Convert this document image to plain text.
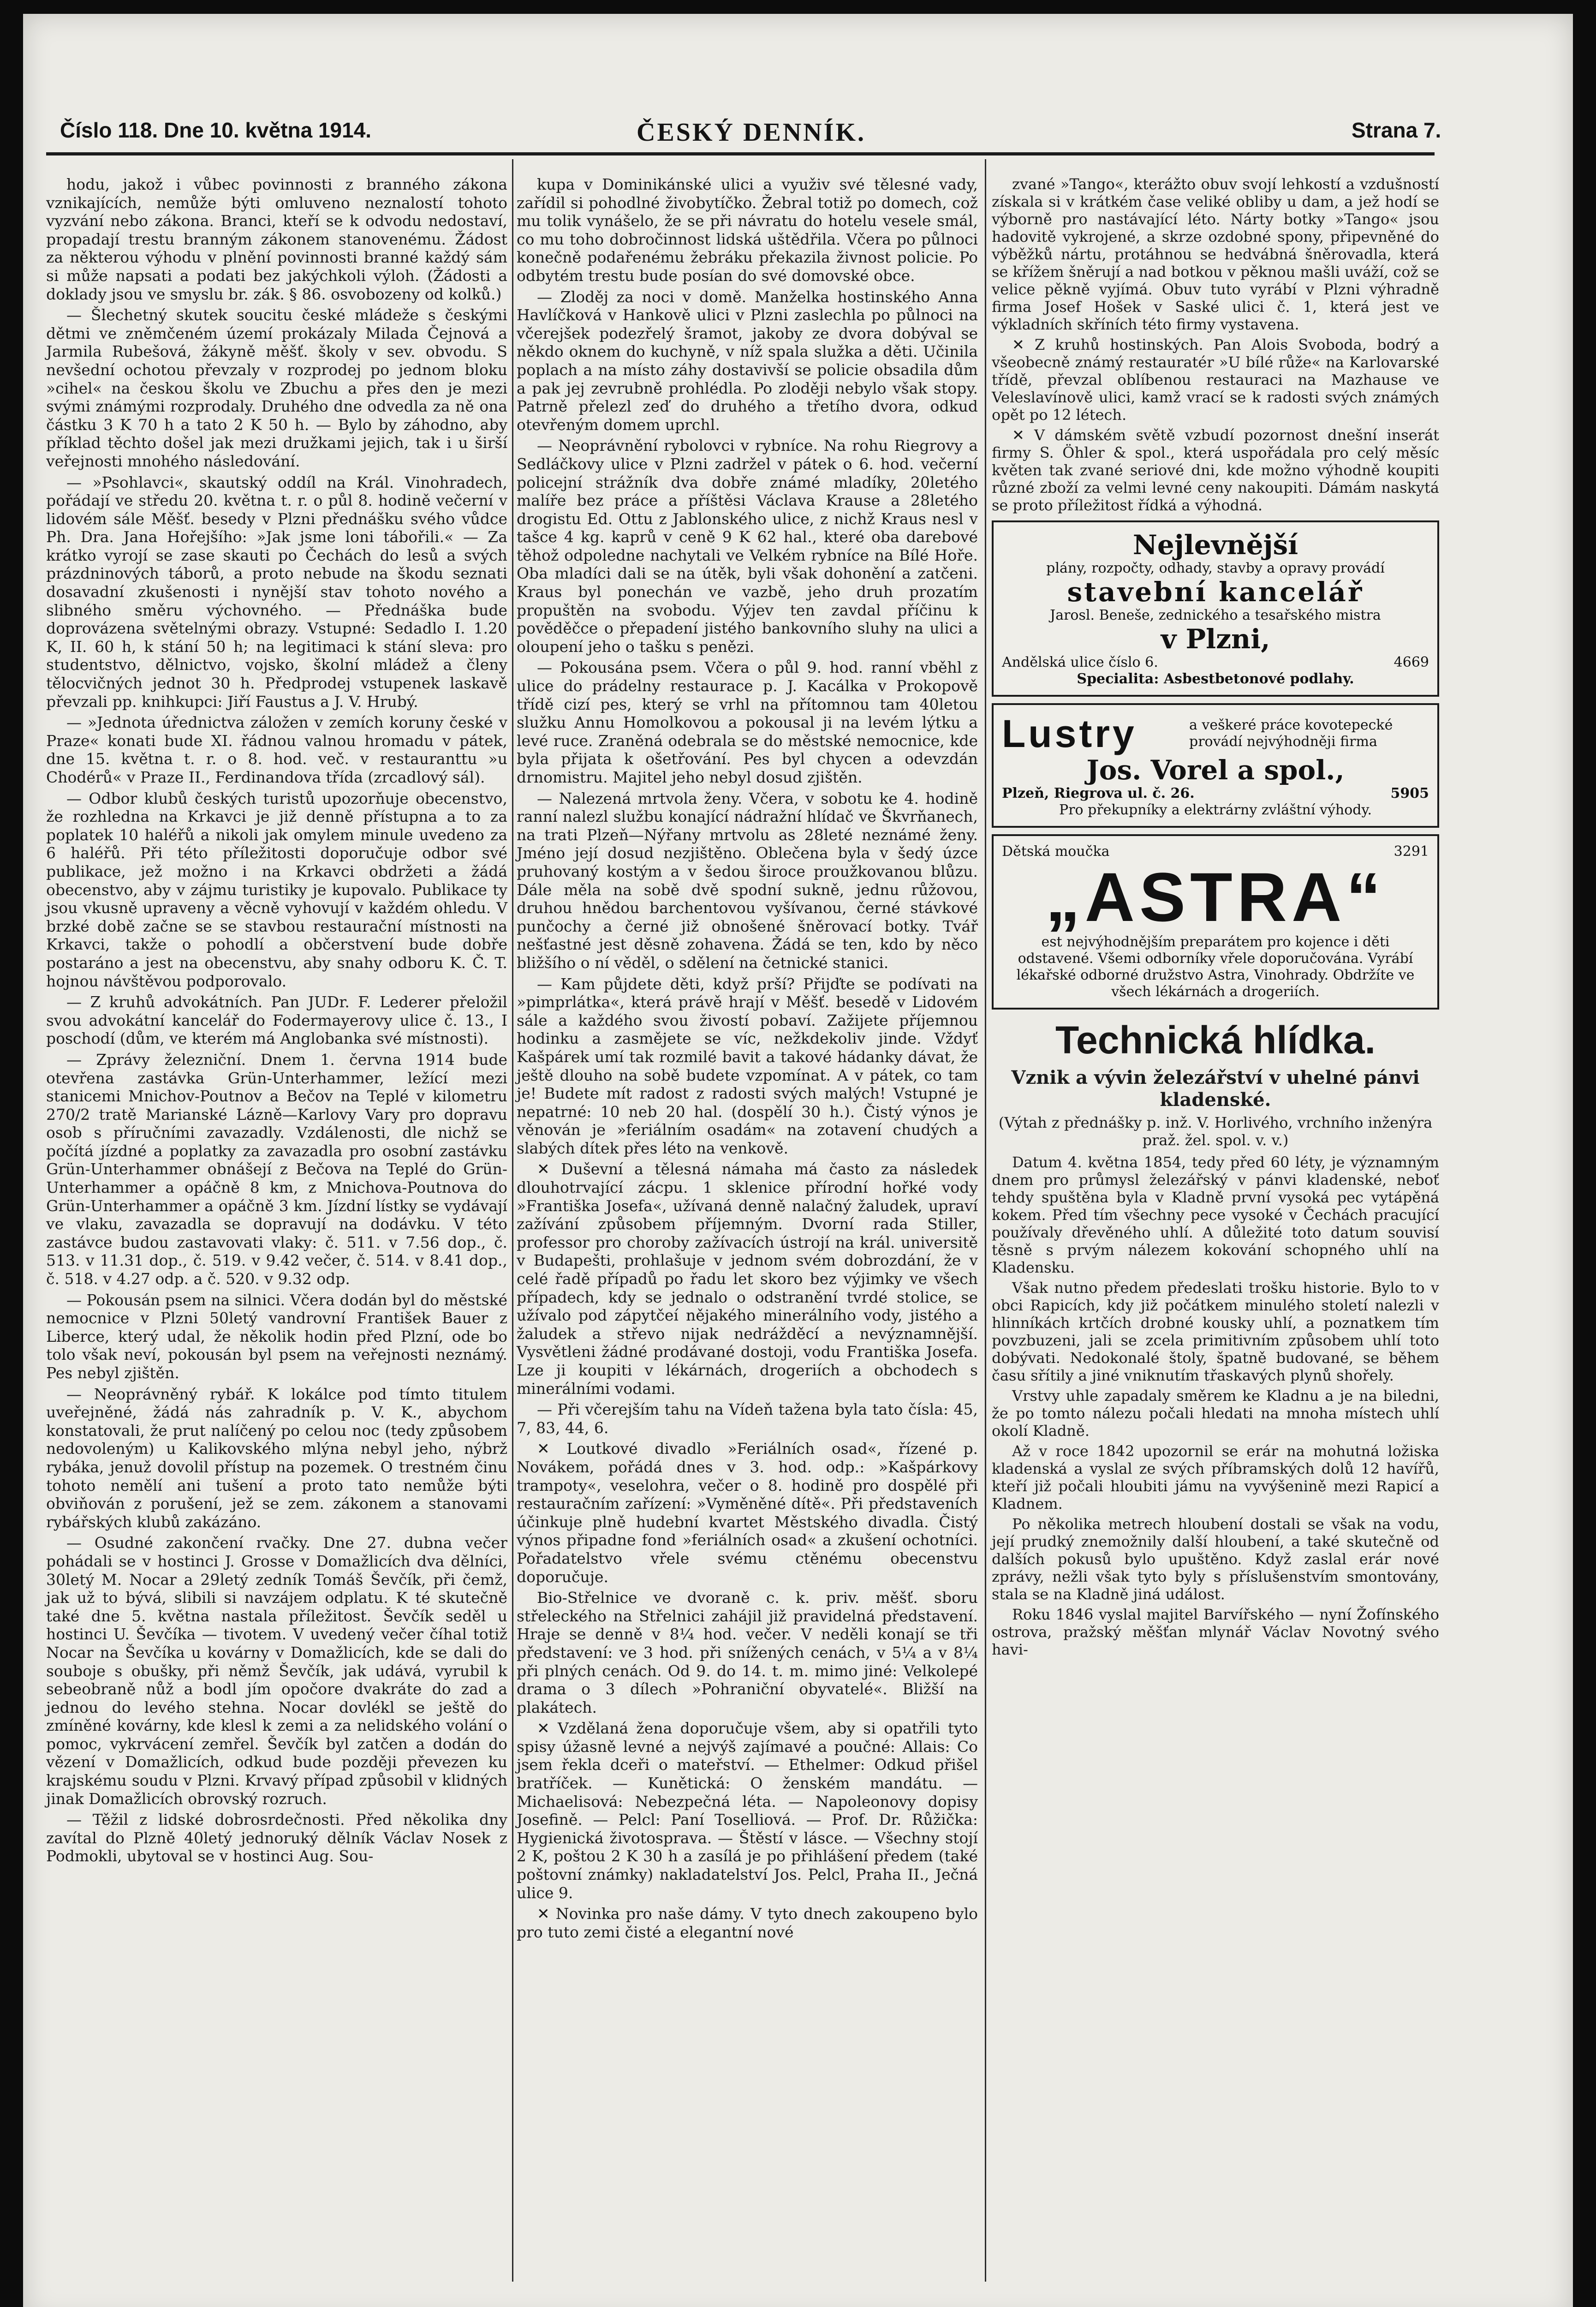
Číslo 118. Dne 10. května 1914.	ČESKÝ DENNÍK.	Strana 7.

hodu, jakož i vůbec povinnosti z branného zákona vznikajících, nemůže býti omluveno neznalostí tohoto vyzvání nebo zákona. Branci, kteří se k odvodu nedostaví, propadají trestu branným zákonem stanovenému. Žádost za některou výhodu v plnění povinnosti branné každý sám si může napsati a podati bez jakýchkoli výloh. (Žádosti a doklady jsou ve smyslu br. zák. § 86. osvobozeny od kolků.)

— Šlechetný skutek soucitu české mládeže s českými dětmi ve zněmčeném území prokázaly Milada Čejnová a Jarmila Rubešová, žákyně měšť. školy v sev. obvodu. S nevšední ochotou převzaly v rozprodej po jednom bloku »cihel« na českou školu ve Zbuchu a přes den je mezi svými známými rozprodaly. Druhého dne odvedla za ně ona částku 3 K 70 h a tato 2 K 50 h. — Bylo by záhodno, aby příklad těchto došel jak mezi družkami jejich, tak i u širší veřejnosti mnohého následování.

— »Psohlavci«, skautský oddíl na Král. Vinohradech, pořádají ve středu 20. května t. r. o půl 8. hodině večerní v lidovém sále Měšť. besedy v Plzni přednášku svého vůdce Ph. Dra. Jana Hořejšího: »Jak jsme loni tábořili.« — Za krátko vyrojí se zase skauti po Čechách do lesů a svých prázdninových táborů, a proto nebude na škodu seznati dosavadní zkušenosti i nynější stav tohoto nového a slibného směru výchovného. — Přednáška bude doprovázena světelnými obrazy. Vstupné: Sedadlo I. 1.20 K, II. 60 h, k stání 50 h; na legitimaci k stání sleva: pro studentstvo, dělnictvo, vojsko, školní mládež a členy tělocvičných jednot 30 h. Předprodej vstupenek laskavě převzali pp. knihkupci: Jiří Faustus a J. V. Hrubý.

— »Jednota úřednictva záložen v zemích koruny české v Praze« konati bude XI. řádnou valnou hromadu v pátek, dne 15. května t. r. o 8. hod. več. v restauranttu »u Chodérů« v Praze II., Ferdinandova třída (zrcadlový sál).

— Odbor klubů českých turistů upozorňuje obecenstvo, že rozhledna na Krkavci je již denně přístupna a to za poplatek 10 haléřů a nikoli jak omylem minule uvedeno za 6 haléřů. Při této příležitosti doporučuje odbor své publikace, jež možno i na Krkavci obdržeti a žádá obecenstvo, aby v zájmu turistiky je kupovalo. Publikace ty jsou vkusně upraveny a věcně vyhovují v každém ohledu. V brzké době začne se se stavbou restaurační místnosti na Krkavci, takže o pohodlí a občerstvení bude dobře postaráno a jest na obecenstvu, aby snahy odboru K. Č. T. hojnou návštěvou podporovalo.

— Z kruhů advokátních. Pan JUDr. F. Lederer přeložil svou advokátní kancelář do Fodermayerovy ulice č. 13., I poschodí (dům, ve kterém má Anglobanka své místnosti).

— Zprávy železniční. Dnem 1. června 1914 bude otevřena zastávka Grün-Unterhammer, ležící mezi stanicemi Mnichov-Poutnov a Bečov na Teplé v kilometru 270/2 tratě Marianské Lázně—Karlovy Vary pro dopravu osob s příručními zavazadly. Vzdálenosti, dle nichž se počítá jízdné a poplatky za zavazadla pro osobní zastávku Grün-Unterhammer obnášejí z Bečova na Teplé do Grün-Unterhammer a opáčně 8 km, z Mnichova-Poutnova do Grün-Unterhammer a opáčně 3 km. Jízdní lístky se vydávají ve vlaku, zavazadla se dopravují na dodávku. V této zastávce budou zastavovati vlaky: č. 511. v 7.56 dop., č. 513. v 11.31 dop., č. 519. v 9.42 večer, č. 514. v 8.41 dop., č. 518. v 4.27 odp. a č. 520. v 9.32 odp.

— Pokousán psem na silnici. Včera dodán byl do městské nemocnice v Plzni 50letý vandrovní František Bauer z Liberce, který udal, že několik hodin před Plzní, ode bo tolo však neví, pokousán byl psem na veřejnosti neznámý. Pes nebyl zjištěn.

— Neoprávněný rybář. K lokálce pod tímto titulem uveřejněné, žádá nás zahradník p. V. K., abychom konstatovali, že prut nalíčený po celou noc (tedy způsobem nedovoleným) u Kalikovského mlýna nebyl jeho, nýbrž rybáka, jenuž dovolil přístup na pozemek. O trestném činu tohoto nemělí ani tušení a proto tato nemůže býti obviňován z porušení, jež se zem. zákonem a stanovami rybářských klubů zakázáno.

— Osudné zakončení rvačky. Dne 27. dubna večer pohádali se v hostinci J. Grosse v Domažlicích dva dělníci, 30letý M. Nocar a 29letý zedník Tomáš Ševčík, při čemž, jak už to bývá, slibili si navzájem odplatu. K té skutečně také dne 5. května nastala příležitost. Ševčík seděl u hostinci U. Ševčíka — tivotem. V uvedený večer číhal totiž Nocar na Ševčíka u kovárny v Domažlicích, kde se dali do souboje s obušky, při němž Ševčík, jak udává, vyrubil k sebeobraně nůž a bodl jím opočore dvakráte do zad a jednou do levého stehna. Nocar dovlékl se ještě do zmíněné kovárny, kde klesl k zemi a za nelidského volání o pomoc, vykrvácení zemřel. Ševčík byl zatčen a dodán do vězení v Domažlicích, odkud bude později převezen ku krajskému soudu v Plzni. Krvavý případ způsobil v klidných jinak Domažlicích obrovský rozruch.

— Těžil z lidské dobrosrdečnosti. Před několika dny zavítal do Plzně 40letý jednoruký dělník Václav Nosek z Podmokli, ubytoval se v hostinci Aug. Sou-

kupa v Dominikánské ulici a využiv své tělesné vady, zařídil si pohodlné živobytíčko. Žebral totiž po domech, což mu tolik vynášelo, že se při návratu do hotelu vesele smál, co mu toho dobročinnost lidská uštědřila. Včera po půlnoci konečně podařenému žebráku překazila živnost policie. Po odbytém trestu bude posían do své domovské obce.

— Zloděj za noci v domě. Manželka hostinského Anna Havlíčková v Hankově ulici v Plzni zaslechla po půlnoci na včerejšek podezřelý šramot, jakoby ze dvora dobýval se někdo oknem do kuchyně, v níž spala služka a děti. Učinila poplach a na místo záhy dostavivší se policie obsadila dům a pak jej zevrubně prohlédla. Po zloději nebylo však stopy. Patrně přelezl zeď do druhého a třetího dvora, odkud otevřeným domem uprchl.

— Neoprávnění rybolovci v rybníce. Na rohu Riegrovy a Sedláčkovy ulice v Plzni zadržel v pátek o 6. hod. večerní policejní strážník dva dobře známé mladíky, 20letého malíře bez práce a příštěsi Václava Krause a 28letého drogistu Ed. Ottu z Jablonského ulice, z nichž Kraus nesl v tašce 4 kg. kaprů v ceně 9 K 62 hal., které oba darebové těhož odpoledne nachytali ve Velkém rybníce na Bílé Hoře. Oba mladíci dali se na útěk, byli však dohonění a zatčeni. Kraus byl ponechán ve vazbě, jeho druh prozatím propuštěn na svobodu. Výjev ten zavdal příčinu k pověděčce o přepadení jistého bankovního sluhy na ulici a oloupení jeho o tašku s penězi.

— Pokousána psem. Včera o půl 9. hod. ranní vběhl z ulice do prádelny restaurace p. J. Kacálka v Prokopově třídě cizí pes, který se vrhl na přítomnou tam 40letou služku Annu Homolkovou a pokousal ji na levém lýtku a levé ruce. Zraněná odebrala se do městské nemocnice, kde byla přijata k ošetřování. Pes byl chycen a odevzdán drnomistru. Majitel jeho nebyl dosud zjištěn.

— Nalezená mrtvola ženy. Včera, v sobotu ke 4. hodině ranní nalezl službu konající nádražní hlídač ve Škvrňanech, na trati Plzeň—Nýřany mrtvolu as 28leté neznámé ženy. Jméno její dosud nezjištěno. Oblečena byla v šedý úzce pruhovaný kostým a v šedou široce proužkovanou blůzu. Dále měla na sobě dvě spodní sukně, jednu růžovou, druhou hnědou barchentovou vyšívanou, černé stávkové punčochy a černé již obnošené šněrovací botky. Tvář nešťastné jest děsně zohavena. Žádá se ten, kdo by něco bližšího o ní věděl, o sdělení na četnické stanici.

— Kam půjdete děti, když prší? Přijďte se podívati na »pimprlátka«, která právě hrají v Měšť. besedě v Lidovém sále a každého svou živostí pobaví. Zažijete příjemnou hodinku a zasmějete se víc, nežkdekoliv jinde. Vždyť Kašpárek umí tak rozmilé bavit a takové hádanky dávat, že ještě dlouho na sobě budete vzpomínat. A v pátek, co tam je! Budete mít radost z radosti svých malých! Vstupné je nepatrné: 10 neb 20 hal. (dospělí 30 h.). Čistý výnos je věnován je »feriálním osadám« na zotavení chudých a slabých dítek přes léto na venkově.

✕ Duševní a tělesná námaha má často za následek dlouhotrvající zácpu. 1 sklenice přírodní hořké vody »Františka Josefa«, užívaná denně nalačný žaludek, upraví zažívání způsobem příjemným. Dvorní rada Stiller, professor pro choroby zažívacích ústrojí na král. universitě v Budapešti, prohlašuje v jednom svém dobrozdání, že v celé řadě případů po řadu let skoro bez výjimky ve všech případech, kdy se jednalo o odstranění tvrdé stolice, se užívalo pod zápytčeí nějakého minerálního vody, jistého a žaludek a střevo nijak nedrážděcí a nevýznamnější. Vysvětleni žádné prodávané dostoji, vodu Františka Josefa. Lze ji koupiti v lékárnách, drogeriích a obchodech s minerálními vodami.

— Při včerejším tahu na Vídeň tažena byla tato čísla: 45, 7, 83, 44, 6.

✕ Loutkové divadlo »Feriálních osad«, řízené p. Novákem, pořádá dnes v 3. hod. odp.: »Kašpárkovy trampoty«, veselohra, večer o 8. hodině pro dospělé při restauračním zařízení: »Vyměněné dítě«. Při představeních účinkuje plně hudební kvartet Městského divadla. Čistý výnos připadne fond »feriálních osad« a zkušení ochotníci. Pořadatelstvo vřele svému ctěnému obecenstvu doporučuje.

Bio-Střelnice ve dvoraně c. k. priv. měšť. sboru střeleckého na Střelnici zahájil již pravidelná představení. Hraje se denně v 8¼ hod. večer. V neděli konají se tři představení: ve 3 hod. při snížených cenách, v 5¼ a v 8¼ při plných cenách. Od 9. do 14. t. m. mimo jiné: Velkolepé drama o 3 dílech »Pohraniční obyvatelé«. Bližší na plakátech.

✕ Vzdělaná žena doporučuje všem, aby si opatřili tyto spisy úžasně levné a nejvýš zajímavé a poučné: Allais: Co jsem řekla dceři o mateřství. — Ethelmer: Odkud přišel bratříček. — Kunětická: O ženském mandátu. — Michaelisová: Nebezpečná léta. — Napoleonovy dopisy Josefině. — Pelcl: Paní Toselliová. — Prof. Dr. Růžička: Hygienická životosprava. — Štěstí v lásce. — Všechny stojí 2 K, poštou 2 K 30 h a zasílá je po přihlášení předem (také poštovní známky) nakladatelství Jos. Pelcl, Praha II., Ječná ulice 9.

✕ Novinka pro naše dámy. V tyto dnech zakoupeno bylo pro tuto zemi čisté a elegantní nové

zvané »Tango«, kterážto obuv svojí lehkostí a vzdušností získala si v krátkém čase veliké obliby u dam, a jež hodí se výborně pro nastávající léto. Nárty botky »Tango« jsou hadovitě vykrojené, a skrze ozdobné spony, připevněné do výběžků nártu, protáhnou se hedvábná šněrovadla, která se křížem šněrují a nad botkou v pěknou mašli uváží, což se velice pěkně vyjímá. Obuv tuto vyrábí v Plzni výhradně firma Josef Hošek v Saské ulici č. 1, která jest ve výkladních skříních této firmy vystavena.

✕ Z kruhů hostinských. Pan Alois Svoboda, bodrý a všeobecně známý restauratér »U bílé růže« na Karlovarské třídě, převzal oblíbenou restauraci na Mazhause ve Veleslavínově ulici, kamž vrací se k radosti svých známých opět po 12 létech.

✕ V dámském světě vzbudí pozornost dnešní inserát firmy S. Öhler & spol., která uspořádala pro celý měsíc květen tak zvané seriové dni, kde možno výhodně koupiti různé zboží za velmi levné ceny nakoupiti. Dámám naskytá se proto příležitost řídká a výhodná.

Nejlevnější
plány, rozpočty, odhady, stavby a opravy provádí
stavební kancelář
Jarosl. Beneše, zednického a tesařského mistra
v Plzni,
Andělská ulice číslo 6.	4669
Specialita: Asbestbetonové podlahy.
Lustry	a veškeré práce kovotepecké provádí nejvýhodněji firma
Jos. Vorel a spol.,
Plzeň, Riegrova ul. č. 26.	5905
Pro překupníky a elektrárny zvláštní výhody.
Dětská moučka	3291
„ASTRA“
est nejvýhodnějším preparátem pro kojence i děti odstavené. Všemi odborníky vřele doporučována. Vyrábí lékařské odborné družstvo Astra, Vinohrady. Obdržíte ve všech lékárnách a drogeriích.
Technická hlídka.
Vznik a vývin železářství v uhelné pánvi kladenské.
(Výtah z přednášky p. inž. V. Horlivého, vrchního inženýra praž. žel. spol. v. v.)

Datum 4. května 1854, tedy před 60 léty, je významným dnem pro průmysl železářský v pánvi kladenské, neboť tehdy spuštěna byla v Kladně první vysoká pec vytápěná kokem. Před tím všechny pece vysoké v Čechách pracující používaly dřevěného uhlí. A důležité toto datum souvisí těsně s prvým nálezem kokování schopného uhlí na Kladensku.

Však nutno předem předeslati trošku historie. Bylo to v obci Rapicích, kdy již počátkem minulého století nalezli v hlinníkách krtčích drobné kousky uhlí, a poznatkem tím povzbuzeni, jali se zcela primitivním způsobem uhlí toto dobývati. Nedokonalé štoly, špatně budované, se během času sřítily a jiné vniknutím třaskavých plynů shořely.

Vrstvy uhle zapadaly směrem ke Kladnu a je na biledni, že po tomto nálezu počali hledati na mnoha místech uhlí okolí Kladně.

Až v roce 1842 upozornil se erár na mohutná ložiska kladenská a vyslal ze svých příbramských dolů 12 havířů, kteří již počali hloubiti jámu na vyvýšenině mezi Rapicí a Kladnem.

Po několika metrech hloubení dostali se však na vodu, její prudký znemožnily další hloubení, a také skutečně od dalších pokusů bylo upuštěno. Když zaslal erár nové zprávy, nežli však tyto byly s příslušenstvím smontovány, stala se na Kladně jiná událost.

Roku 1846 vyslal majitel Barvířského — nyní Žofínského ostrova, pražský měšťan mlynář Václav Novotný svého havi-
